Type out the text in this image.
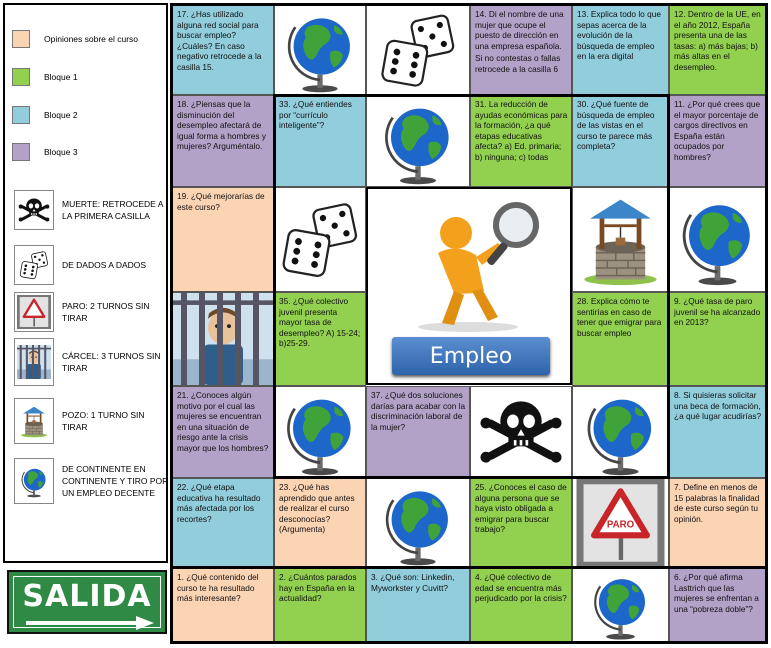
Opiniones sobre el curso
Bloque 1
Bloque 2
Bloque 3
MUERTE: RETROCEDE A LA PRIMERA CASILLA
DE DADOS A DADOS
PARO: 2 TURNOS SIN TIRAR
CÁRCEL: 3 TURNOS SIN TIRAR
POZO: 1 TURNO SIN TIRAR
DE CONTINENTE EN CONTINENTE Y TIRO POR UN EMPLEO DECENTE
SALIDA
17. ¿Has utilizado alguna red social para buscar empleo? ¿Cuáles? En caso negativo retrocede a la casilla 15.

14. Di el nombre de una mujer que ocupe el puesto de dirección en una empresa española.

Si no contestas o fallas retrocede a la casilla 6

13. Explica todo lo que sepas acerca de la evolución de la búsqueda de empleo en la era digital
12. Dentro de la UE, en el año 2012, España presenta una de las tasas: a) más bajas; b) más altas en el desempleo.
18. ¿Piensas que la disminución del desempleo afectará de igual forma a hombres y mujeres? Arguméntalo.
33. ¿Qué entiendes por “currículo inteligente”?
31. La reducción de ayudas económicas para la formación, ¿a qué etapas educativas afecta? a) Ed. primaria; b) ninguna; c) todas
30. ¿Qué fuente de búsqueda de empleo de las vistas en el curso te parece más completa?
11. ¿Por qué crees que el mayor porcentaje de cargos directivos en España están ocupados por hombres?
19. ¿Qué mejorarías de este curso?
35. ¿Qué colectivo juvenil presenta mayor tasa de desempleo? A) 15-24; b)25-29.
28. Explica cómo te sentirías en caso de tener que emigrar para buscar empleo
9. ¿Qué tasa de paro juvenil se ha alcanzado en 2013?
21. ¿Conoces algún motivo por el cual las mujeres se encuentran en una situación de riesgo ante la crisis mayor que los hombres?
37. ¿Qué dos soluciones darías para acabar con la discriminación laboral de la mujer?
8. Si quisieras solicitar una beca de formación, ¿a qué lugar acudirías?
22. ¿Qué etapa educativa ha resultado más afectada por los recortes?
23. ¿Qué has aprendido que antes de realizar el curso desconocías? (Argumenta)
25. ¿Conoces el caso de alguna persona que se haya visto obligada a emigrar para buscar trabajo?	PARO
7. Define en menos de 15 palabras la finalidad de este curso según tu opinión.
1. ¿Qué contenido del curso te ha resultado más interesante?
2. ¿Cuántos parados hay en España en la actualidad?
3. ¿Qué son: Linkedin, Myworkster y Cuvitt?
4. ¿Qué colectivo de edad se encuentra más perjudicado por la crisis?
6. ¿Por qué afirma Lasttrich que las mujeres se enfrentan a una “pobreza doble”?
Empleo
